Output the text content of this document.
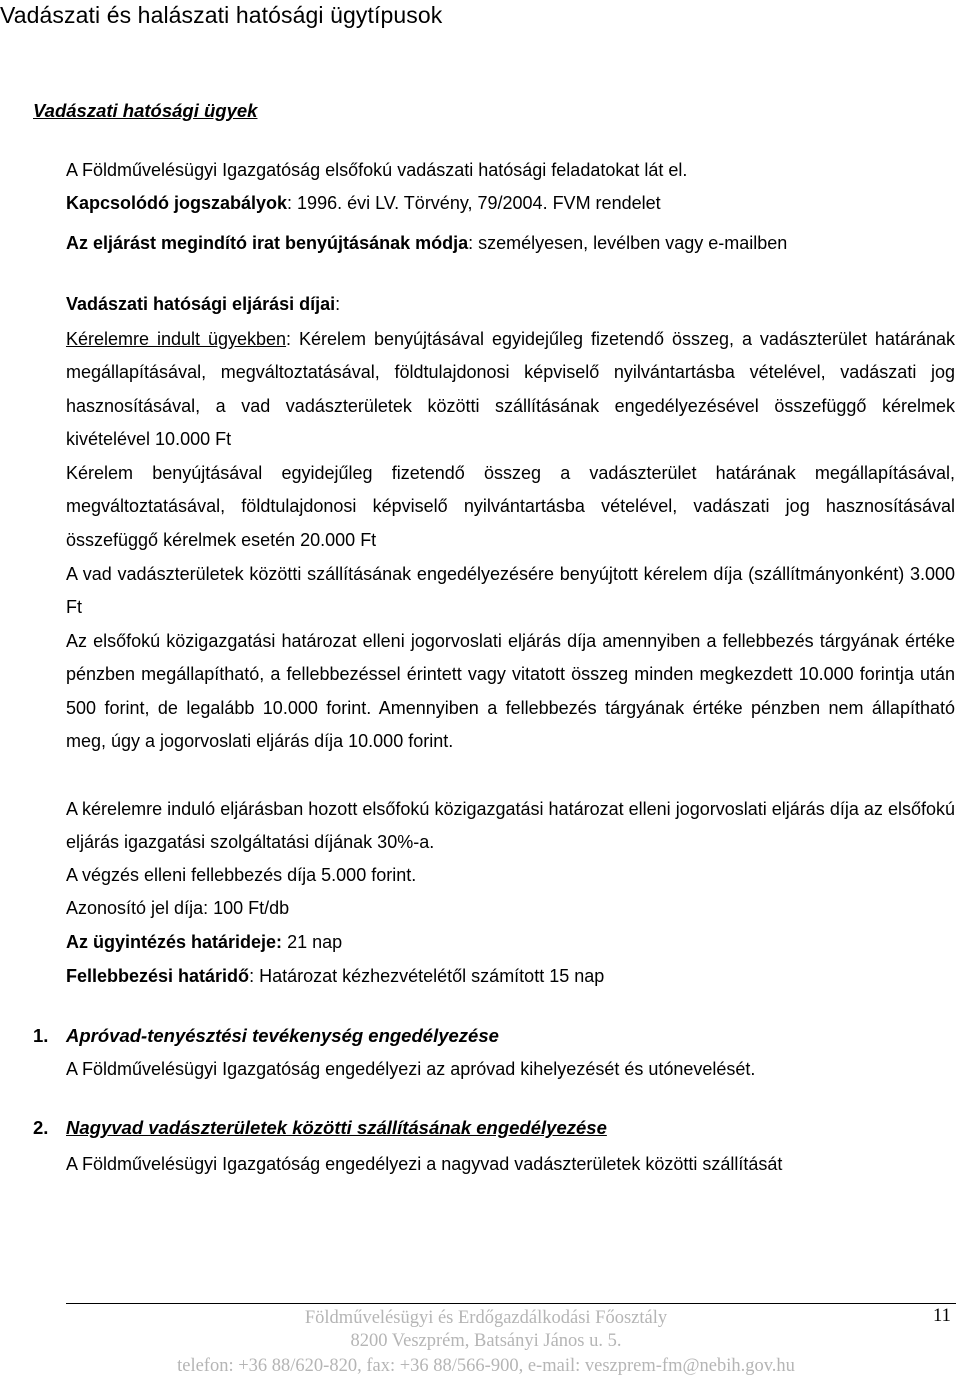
Vadászati és halászati hatósági ügytípusok
Vadászati hatósági ügyek
A Földművelésügyi Igazgatóság elsőfokú vadászati hatósági feladatokat lát el.
Kapcsolódó jogszabályok: 1996. évi LV. Törvény, 79/2004. FVM rendelet
Az eljárást megindító irat benyújtásának módja: személyesen, levélben vagy e-mailben
Vadászati hatósági eljárási díjai:
Kérelemre indult ügyekben: Kérelem benyújtásával egyidejűleg fizetendő összeg, a vadászterület határának megállapításával, megváltoztatásával, földtulajdonosi képviselő nyilvántartásba vételével, vadászati jog hasznosításával, a vad vadászterületek közötti szállításának engedélyezésével összefüggő kérelmek kivételével 10.000 Ft
Kérelem benyújtásával egyidejűleg fizetendő összeg a vadászterület határának megállapításával, megváltoztatásával, földtulajdonosi képviselő nyilvántartásba vételével, vadászati jog hasznosításával összefüggő kérelmek esetén 20.000 Ft
A vad vadászterületek közötti szállításának engedélyezésére benyújtott kérelem díja (szállítmányonként) 3.000 Ft
Az elsőfokú közigazgatási határozat elleni jogorvoslati eljárás díja amennyiben a fellebbezés tárgyának értéke pénzben megállapítható, a fellebbezéssel érintett vagy vitatott összeg minden megkezdett 10.000 forintja után 500 forint, de legalább 10.000 forint. Amennyiben a fellebbezés tárgyának értéke pénzben nem állapítható meg, úgy a jogorvoslati eljárás díja 10.000 forint.
A kérelemre induló eljárásban hozott elsőfokú közigazgatási határozat elleni jogorvoslati eljárás díja az elsőfokú eljárás igazgatási szolgáltatási díjának 30%-a.
A végzés elleni fellebbezés díja 5.000 forint.
Azonosító jel díja: 100 Ft/db
Az ügyintézés határideje: 21 nap
Fellebbezési határidő: Határozat kézhezvételétől számított 15 nap
1. Apróvad-tenyésztési tevékenység engedélyezése
A Földművelésügyi Igazgatóság engedélyezi az apróvad kihelyezését és utónevelését.
2. Nagyvad vadászterületek közötti szállításának engedélyezése
A Földművelésügyi Igazgatóság engedélyezi a nagyvad vadászterületek közötti szállítását
Földművelésügyi és Erdőgazdálkodási Főosztály
8200 Veszprém, Batsányi János u. 5.
telefon: +36 88/620-820, fax: +36 88/566-900, e-mail: veszprem-fm@nebih.gov.hu
11
